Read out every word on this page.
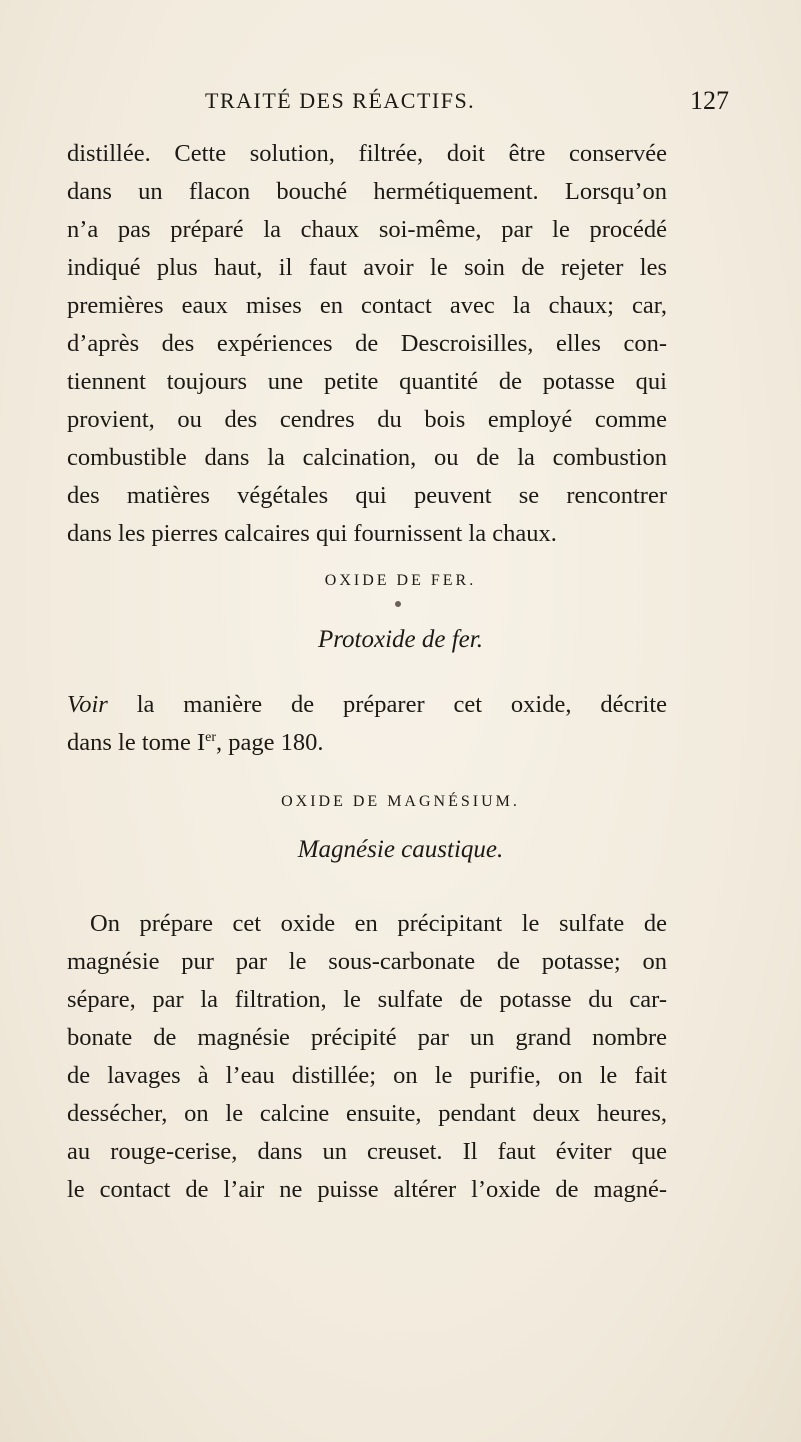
TRAITÉ DES RÉACTIFS.	127
distillée. Cette solution, filtrée, doit être conservée
dans un flacon bouché hermétiquement. Lorsqu’on
n’a pas préparé la chaux soi-même, par le procédé
indiqué plus haut, il faut avoir le soin de rejeter les
premières eaux mises en contact avec la chaux; car,
d’après des expériences de Descroisilles, elles con-
tiennent toujours une petite quantité de potasse qui
provient, ou des cendres du bois employé comme
combustible dans la calcination, ou de la combustion
des matières végétales qui peuvent se rencontrer
dans les pierres calcaires qui fournissent la chaux.
OXIDE DE FER.
Protoxide de fer.
Voir la manière de préparer cet oxide, décrite
dans le tome Ier, page 180.
OXIDE DE MAGNÉSIUM.
Magnésie caustique.
On prépare cet oxide en précipitant le sulfate de
magnésie pur par le sous-carbonate de potasse; on
sépare, par la filtration, le sulfate de potasse du car-
bonate de magnésie précipité par un grand nombre
de lavages à l’eau distillée; on le purifie, on le fait
dessécher, on le calcine ensuite, pendant deux heures,
au rouge-cerise, dans un creuset. Il faut éviter que
le contact de l’air ne puisse altérer l’oxide de magné-
